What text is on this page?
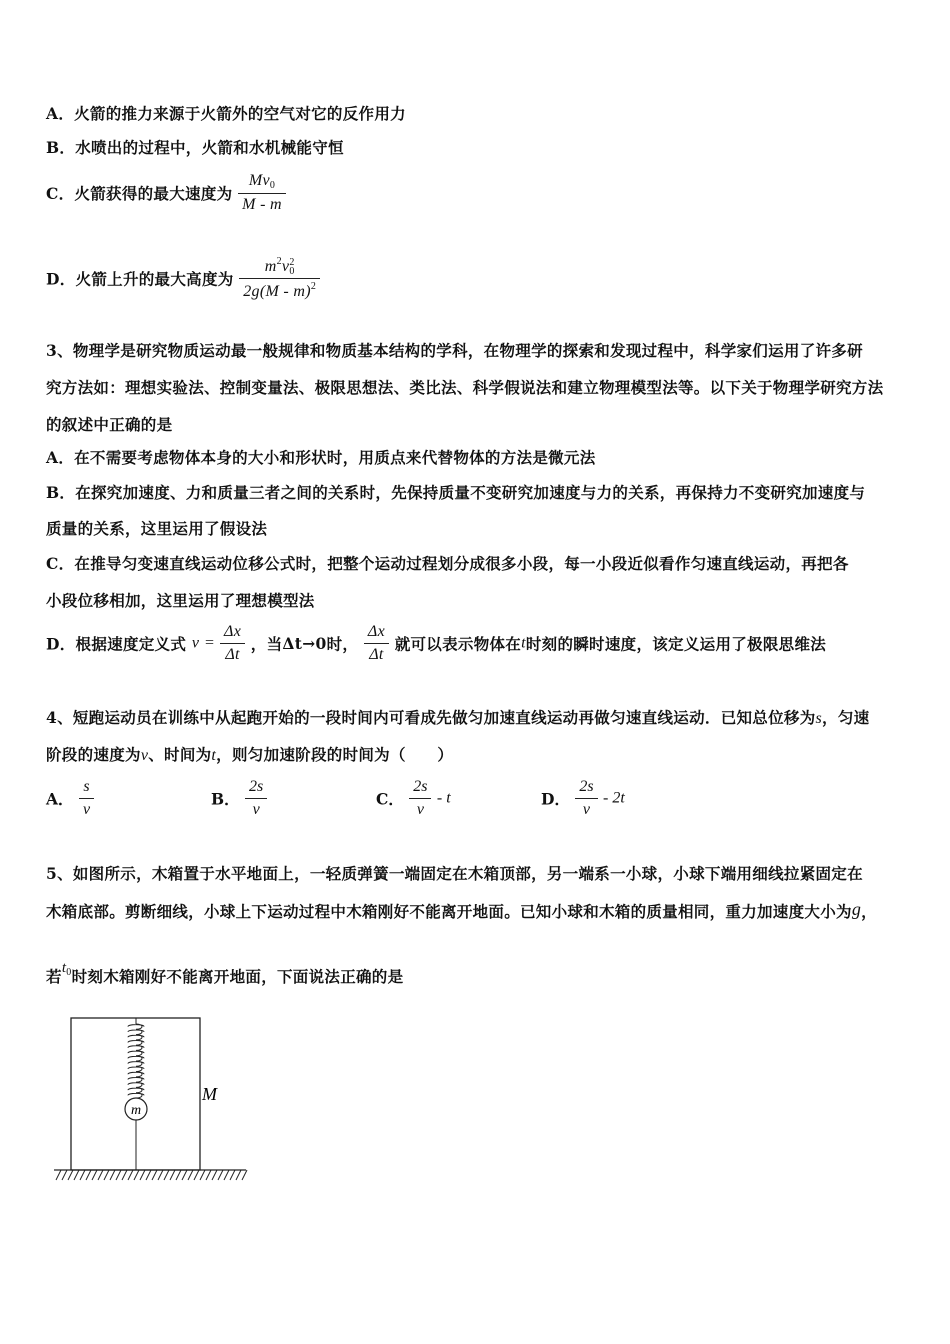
A．火箭的推力来源于火箭外的空气对它的反作用力
B．水喷出的过程中，火箭和水机械能守恒
C．火箭获得的最大速度为 $\frac{Mv_0}{M - m}$
D．火箭上升的最大高度为 $m^2v$ 2
0
2g(M - m)$^2$
3、物理学是研究物质运动最一般规律和物质基本结构的学科，在物理学的探索和发现过程中，科学家们运用了许多研
究方法如：理想实验法、控制变量法、极限思想法、类比法、科学假说法和建立物理模型法等。以下关于物理学研究方法
的叙述中正确的是
A．在不需要考虑物体本身的大小和形状时，用质点来代替物体的方法是微元法
B．在探究加速度、力和质量三者之间的关系时，先保持质量不变研究加速度与力的关系，再保持力不变研究加速度与
质量的关系，这里运用了假设法
C．在推导匀变速直线运动位移公式时，把整个运动过程划分成很多小段，每一小段近似看作匀速直线运动，再把各
小段位移相加，这里运用了理想模型法
D．根据速度定义式 $v = \frac{\Delta x}{\Delta t}$ ，当Δt→0时， $\frac{\Delta x}{\Delta t}$ 就可以表示物体在t时刻的瞬时速度，该定义运用了极限思维法
4、短跑运动员在训练中从起跑开始的一段时间内可看成先做匀加速直线运动再做匀速直线运动．已知总位移为s，匀速
阶段的速度为v、时间为t，则匀加速阶段的时间为（　　）
A． $\frac{s}{v}$	B． $\frac{2s}{v}$	C． $\frac{2s}{v}$ - t	D． $\frac{2s}{v} - 2t$
5、如图所示，木箱置于水平地面上，一轻质弹簧一端固定在木箱顶部，另一端系一小球，小球下端用细线拉紧固定在
木箱底部。剪断细线，小球上下运动过程中木箱刚好不能离开地面。已知小球和木箱的质量相同，重力加速度大小为g，
若$t_0$时刻木箱刚好不能离开地面，下面说法正确的是
m
M
